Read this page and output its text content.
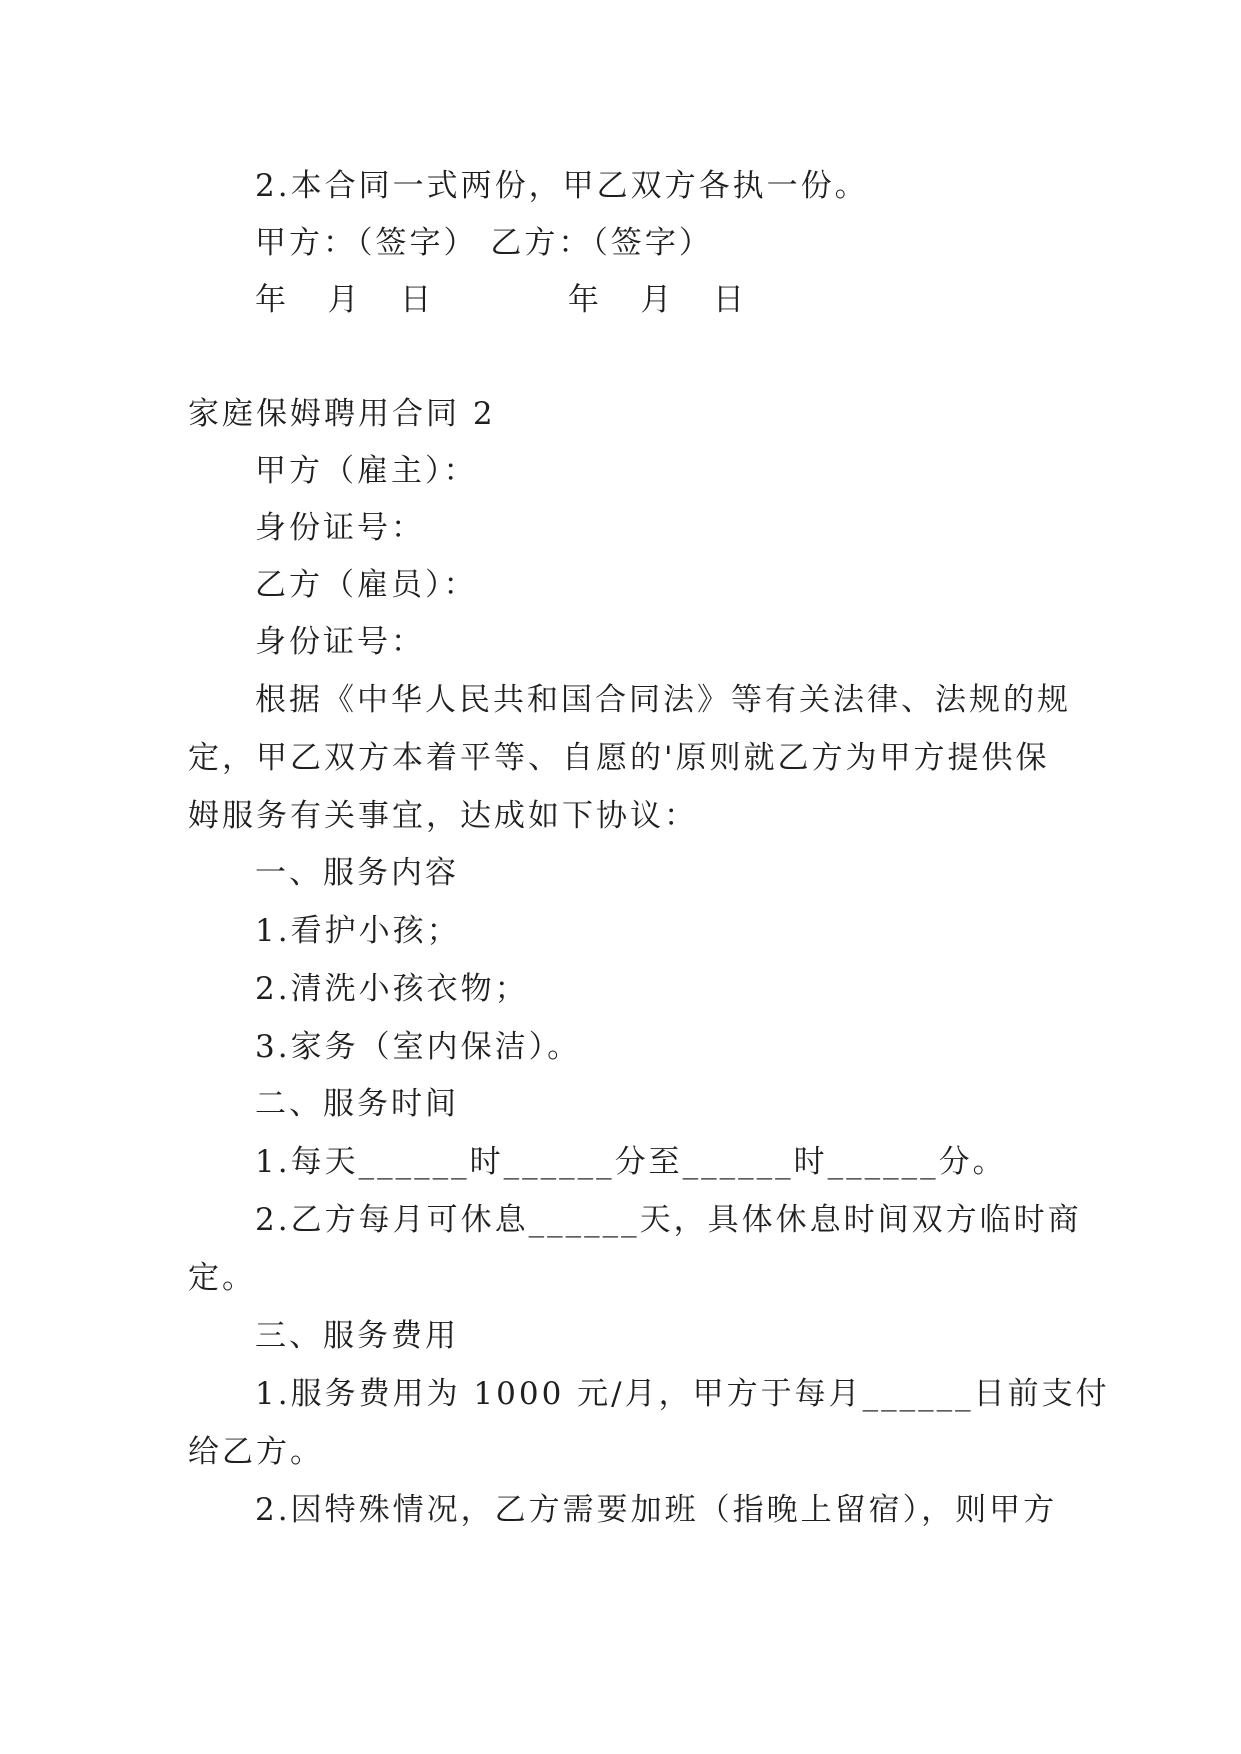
2.本合同一式两份，甲乙双方各执一份。
甲方：（签字） 乙方：（签字）
年   月   日	年   月   日
家庭保姆聘用合同 2
甲方（雇主）：
身份证号：
乙方（雇员）：
身份证号：
根据《中华人民共和国合同法》等有关法律、法规的规
定，甲乙双方本着平等、自愿的'原则就乙方为甲方提供保
姆服务有关事宜，达成如下协议：
一、服务内容
1.看护小孩；
2.清洗小孩衣物；
3.家务（室内保洁）。
二、服务时间
1.每天______时______分至______时______分。
2.乙方每月可休息______天，具体休息时间双方临时商
定。
三、服务费用
1.服务费用为 1000 元/月，甲方于每月______日前支付
给乙方。
2.因特殊情况，乙方需要加班（指晚上留宿），则甲方
